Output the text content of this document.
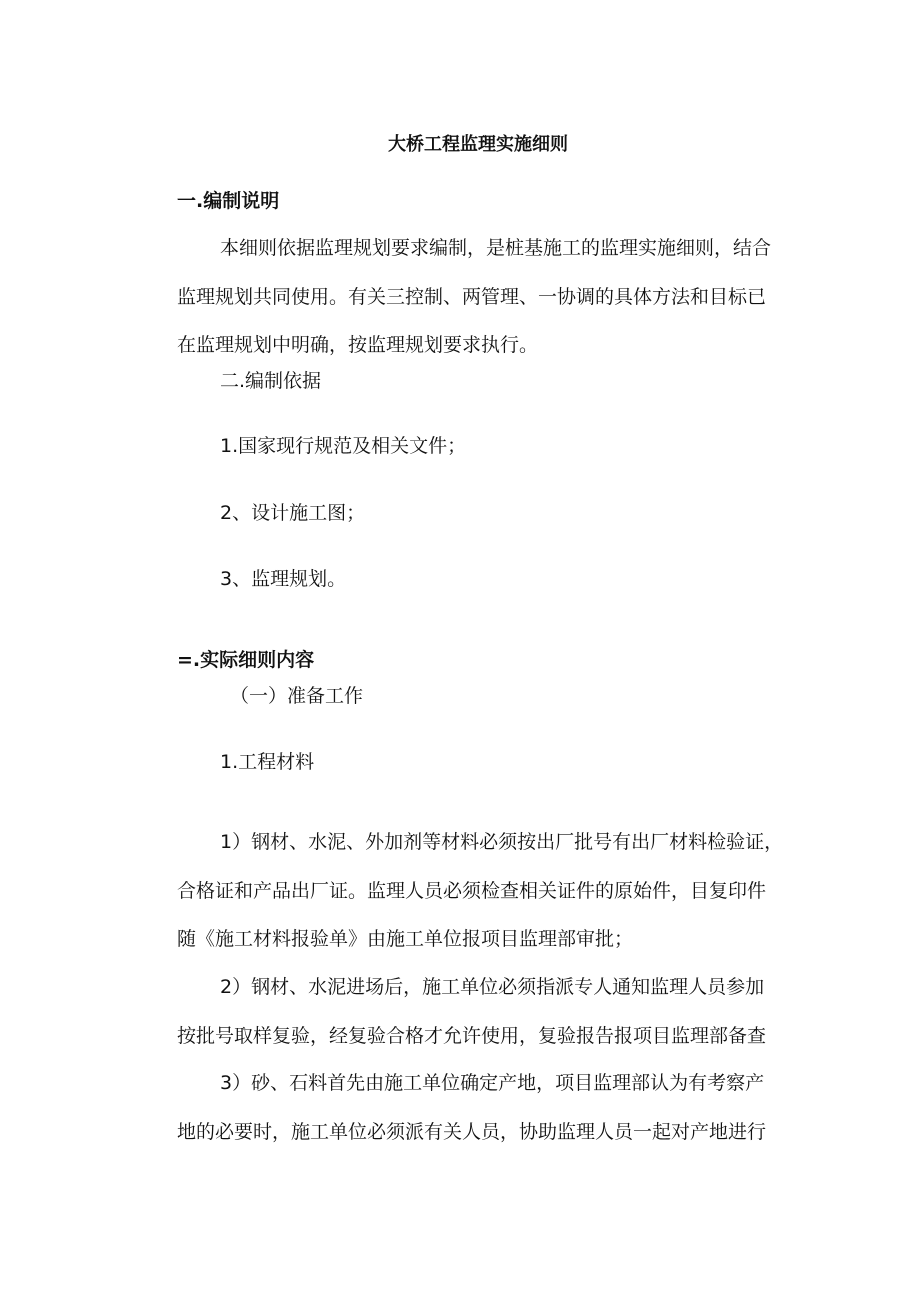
大桥工程监理实施细则
一.编制说明
本细则依据监理规划要求编制，是桩基施工的监理实施细则，结合
监理规划共同使用。有关三控制、两管理、一协调的具体方法和目标已
在监理规划中明确，按监理规划要求执行。
二.编制依据
1.国家现行规范及相关文件；
2、设计施工图；
3、监理规划。
=.实际细则内容
（一）准备工作
1.工程材料
1）钢材、水泥、外加剂等材料必须按出厂批号有出厂材料检验证，
合格证和产品出厂证。监理人员必须检查相关证件的原始件，目复印件
随《施工材料报验单》由施工单位报项目监理部审批；
2）钢材、水泥进场后，施工单位必须指派专人通知监理人员参加
按批号取样复验，经复验合格才允许使用，复验报告报项目监理部备查
3）砂、石料首先由施工单位确定产地，项目监理部认为有考察产
地的必要时，施工单位必须派有关人员，协助监理人员一起对产地进行
